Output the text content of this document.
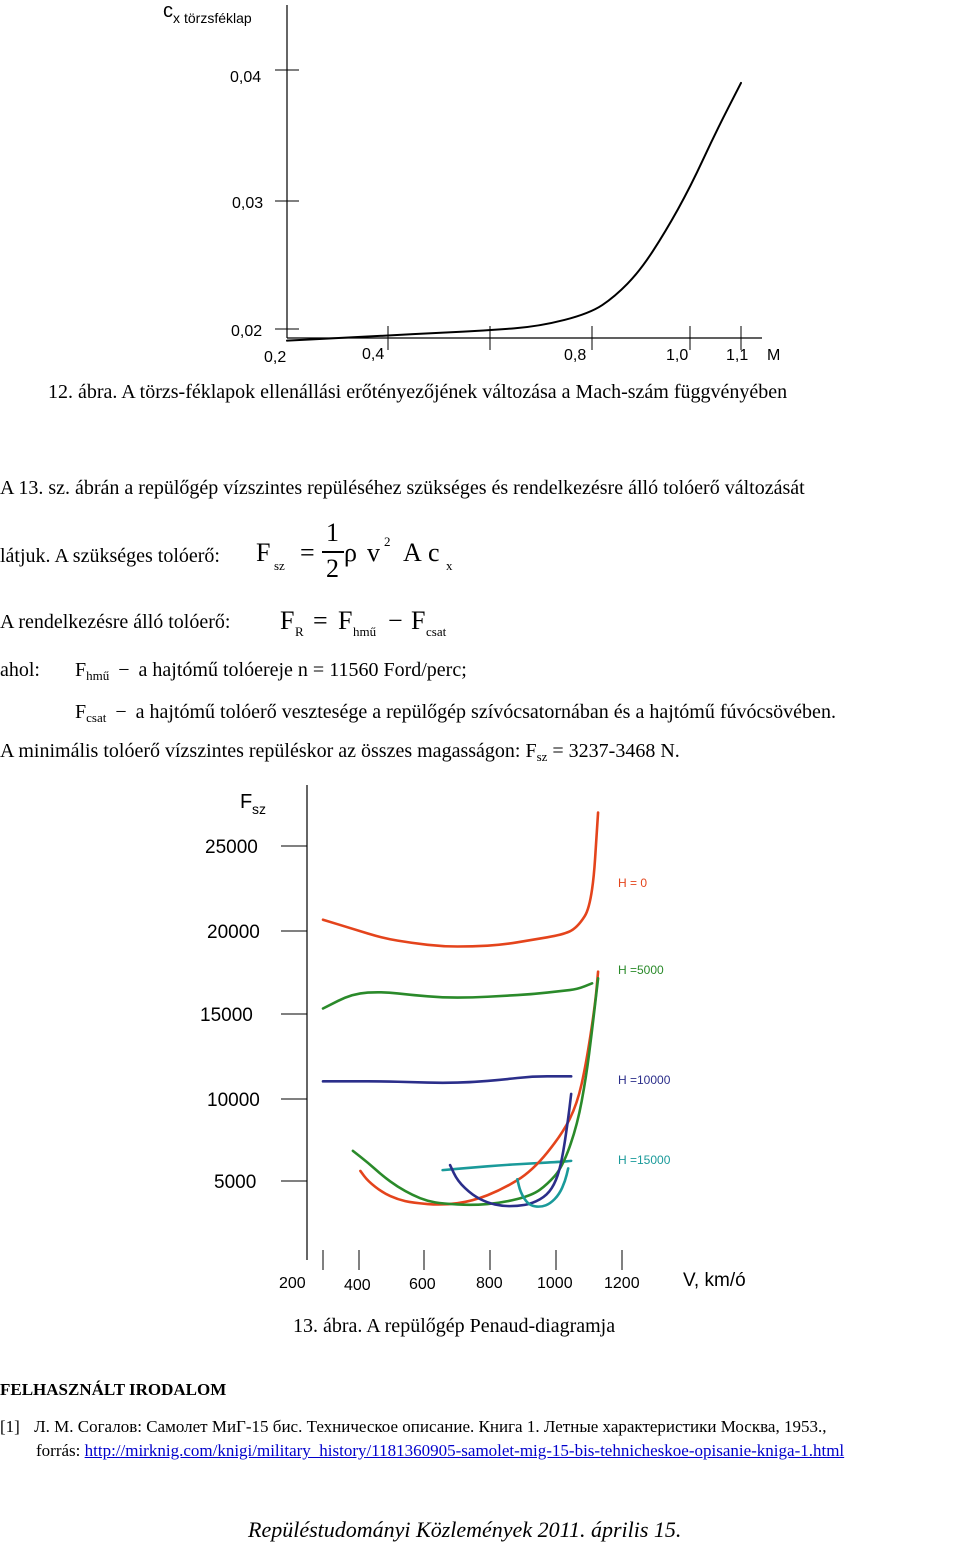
$c_x$ $_{törzsféklap}$
0,04
0,03
0,02
0,2	0,4	0,8	1,0 1,1 M
12. ábra. A törzs-féklapok ellenállási erőtényezőjének változása a Mach-szám függvényében
A 13. sz. ábrán a repülőgép vízszintes repüléséhez szükséges és rendelkezésre álló tolóerő változását
látjuk. A szükséges tolóerő: F sz =
1
2
ρ v 2 A c x
A rendelkezésre álló tolóerő: F R = F hmű − F csat
ahol: $F_{hmű} - a$ hajtómű tolóereje n = 11560 Ford/perc;
$F_{csat} - a$ hajtómű tolóerő vesztesége a repülőgép szívócsatornában és a hajtómű fúvócsövében.
A minimális tolóerő vízszintes repüléskor az összes magasságon: $F_{sz} = 3237-3468$ N.
F sz
25000
20000
15000
10000
5000
200 400 600	800 1000 1200 V, km/ó
H = 0
H =5000
H =10000
H =15000
13. ábra. A repülőgép Penaud-diagramja
FELHASZNÁLT IRODALOM
[1] Л. М. Согалов: Самолет МиГ-15 бис. Техническое описание. Книга 1. Летные характеристики Москва, 1953.,
forrás: http://mirknig.com/knigi/military_history/1181360905-samolet-mig-15-bis-tehnicheskoe-opisanie-kniga-1.html
Repüléstudományi Közlemények 2011. április 15.
